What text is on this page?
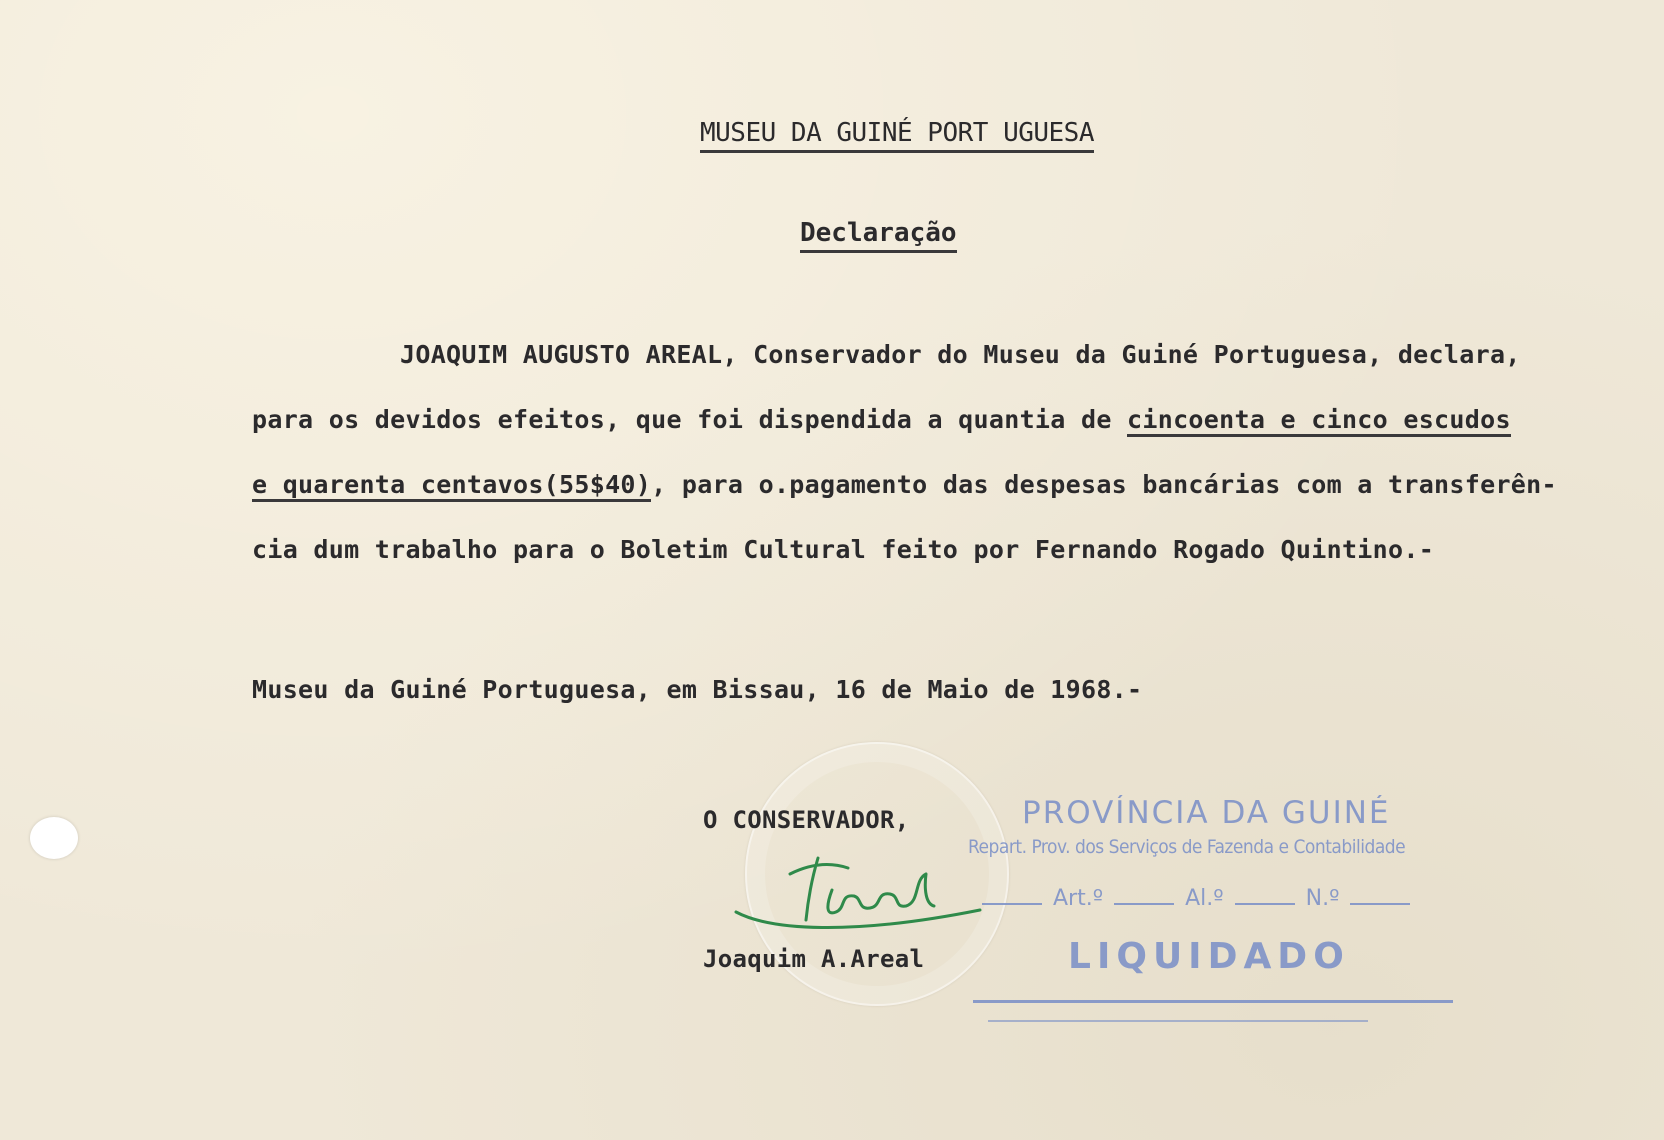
MUSEU DA GUINÉ PORT UGUESA
Declaração
JOAQUIM AUGUSTO AREAL, Conservador do Museu da Guiné Portuguesa, declara,
para os devidos efeitos, que foi dispendida a quantia de cincoenta e cinco escudos
e quarenta centavos(55$40), para o.pagamento das despesas bancárias com a transferên-
cia dum trabalho para o Boletim Cultural feito por Fernando Rogado Quintino.-
Museu da Guiné Portuguesa, em Bissau, 16 de Maio de 1968.-
O CONSERVADOR,
Joaquim A.Areal
PROVÍNCIA DA GUINÉ
Repart. Prov. dos Serviços de Fazenda e Contabilidade
Art.º	Al.º	N.º
LIQUIDADO
